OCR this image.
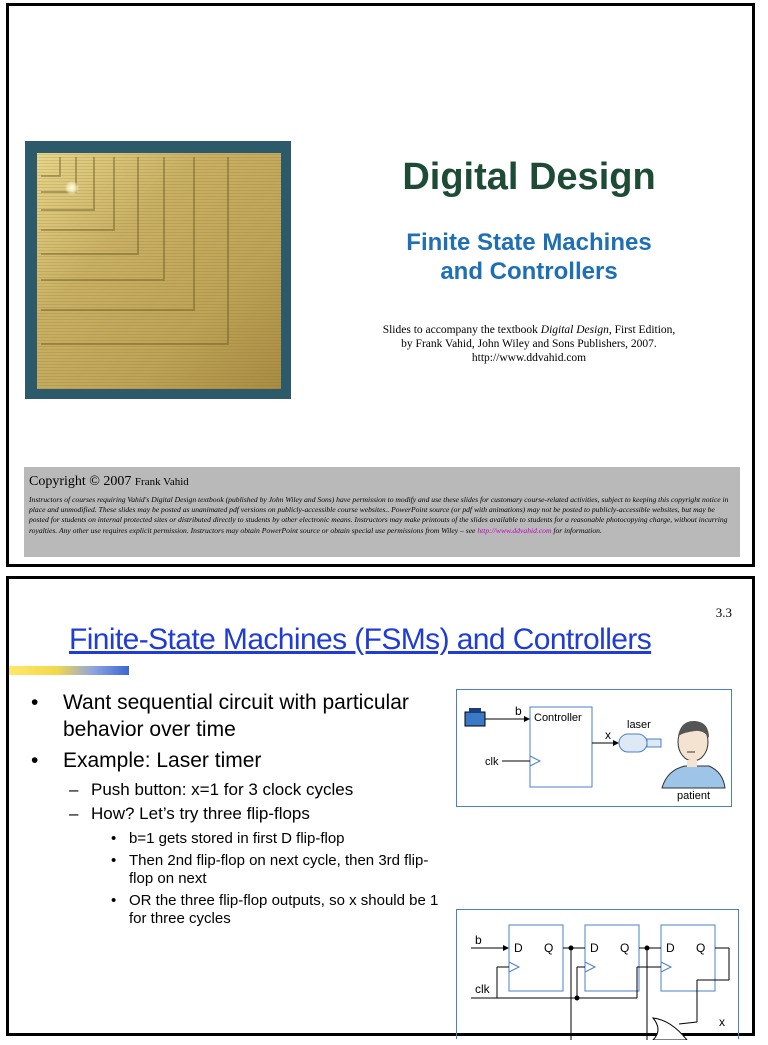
Digital Design
Finite State Machines
and Controllers
Slides to accompany the textbook Digital Design, First Edition,
by Frank Vahid, John Wiley and Sons Publishers, 2007.
http://www.ddvahid.com
Copyright © 2007 Frank Vahid
Instructors of courses requiring Vahid's Digital Design textbook (published by John Wiley and Sons) have permission to modify and use these slides for customary course-related activities, subject to keeping this copyright notice in place and unmodified. These slides may be posted as unanimated pdf versions on publicly-accessible course websites.. PowerPoint source (or pdf with animations) may not be posted to publicly-accessible websites, but may be posted for students on internal protected sites or distributed directly to students by other electronic means. Instructors may make printouts of the slides available to students for a reasonable photocopying charge, without incurring royalties. Any other use requires explicit permission. Instructors may obtain PowerPoint source or obtain special use permissions from Wiley – see http://www.ddvahid.com for information.
3.3
Finite-State Machines (FSMs) and Controllers
• Want sequential circuit with particular behavior over time
• Example: Laser timer
– Push button: x=1 for 3 clock cycles
– How? Let’s try three flip-flops
• b=1 gets stored in first D flip-flop
• Then 2nd flip-flop on next cycle, then 3rd flip-flop on next
• OR the three flip-flop outputs, so x should be 1 for three cycles
b Controller
clk
x
laser
patient
b
D Q	D Q	D Q
clk
x
